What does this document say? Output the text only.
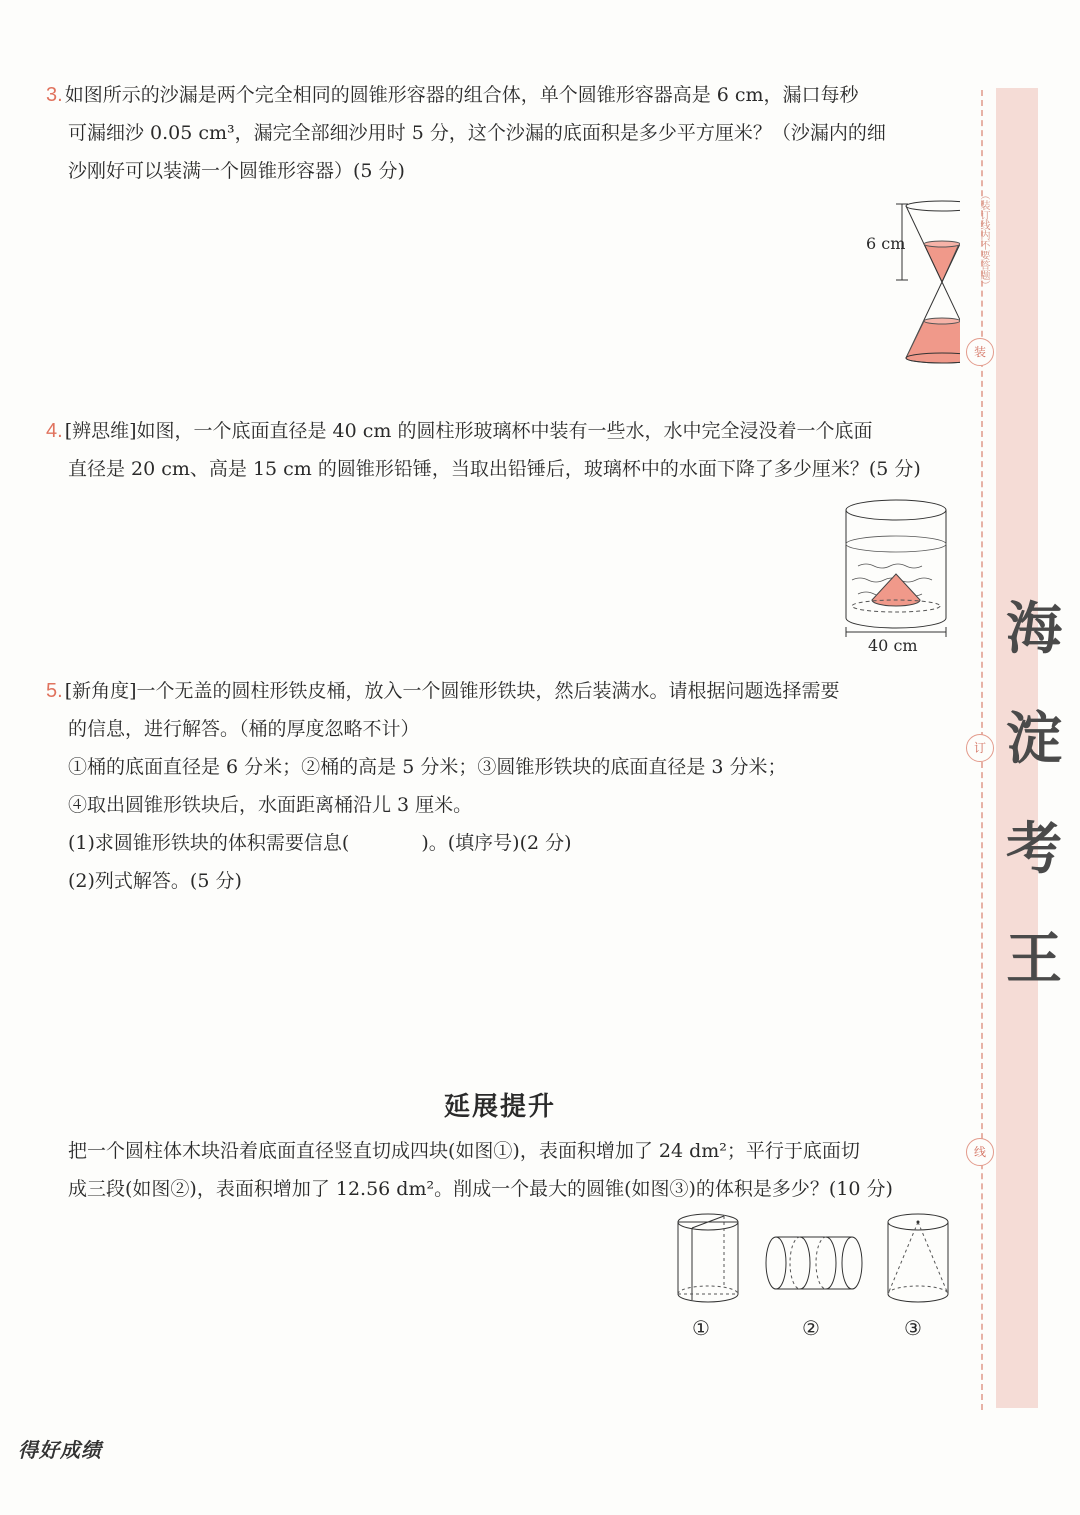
（装订线内不要答题）
装
订
线
海
淀
考
王
3. 如图所示的沙漏是两个完全相同的圆锥形容器的组合体，单个圆锥形容器高是 6 cm，漏口每秒
可漏细沙 0.05 cm³，漏完全部细沙用时 5 分，这个沙漏的底面积是多少平方厘米？（沙漏内的细
沙刚好可以装满一个圆锥形容器）(5 分)
6 cm
4. [辨思维]如图，一个底面直径是 40 cm 的圆柱形玻璃杯中装有一些水，水中完全浸没着一个底面
直径是 20 cm、高是 15 cm 的圆锥形铅锤，当取出铅锤后，玻璃杯中的水面下降了多少厘米？(5 分)
40 cm
5. [新角度]一个无盖的圆柱形铁皮桶，放入一个圆锥形铁块，然后装满水。请根据问题选择需要
的信息，进行解答。（桶的厚度忽略不计）
①桶的底面直径是 6 分米；②桶的高是 5 分米；③圆锥形铁块的底面直径是 3 分米；
④取出圆锥形铁块后，水面距离桶沿儿 3 厘米。
(1)求圆锥形铁块的体积需要信息(	)。(填序号)(2 分)
(2)列式解答。(5 分)
延展提升
把一个圆柱体木块沿着底面直径竖直切成四块(如图①)，表面积增加了 24 dm²；平行于底面切
成三段(如图②)，表面积增加了 12.56 dm²。削成一个最大的圆锥(如图③)的体积是多少？(10 分)
①	②	③
得好成绩
